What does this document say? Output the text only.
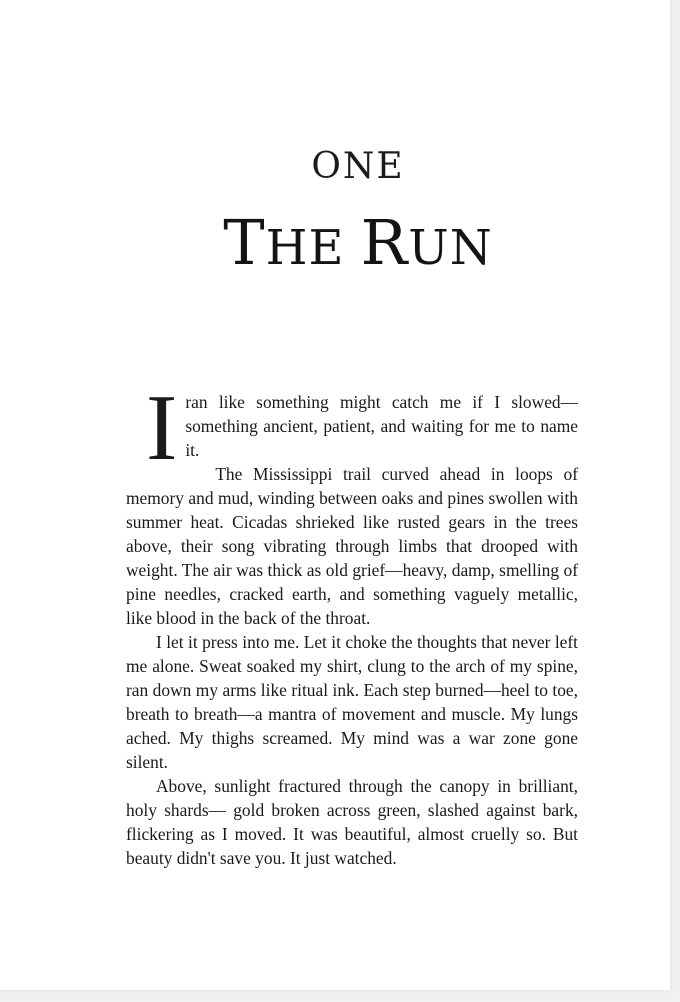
ONE
THE RUN

Iran like something might catch me if I slowed—something ancient, patient, and waiting for me to name it.

The Mississippi trail curved ahead in loops of memory and mud, winding between oaks and pines swollen with summer heat. Cicadas shrieked like rusted gears in the trees above, their song vibrating through limbs that drooped with weight. The air was thick as old grief—heavy, damp, smelling of pine needles, cracked earth, and something vaguely metallic, like blood in the back of the throat.

I let it press into me. Let it choke the thoughts that never left me alone. Sweat soaked my shirt, clung to the arch of my spine, ran down my arms like ritual ink. Each step burned—heel to toe, breath to breath—a mantra of movement and muscle. My lungs ached. My thighs screamed. My mind was a war zone gone silent.

Above, sunlight fractured through the canopy in brilliant, holy shards— gold broken across green, slashed against bark, flickering as I moved. It was beautiful, almost cruelly so. But beauty didn't save you. It just watched.
